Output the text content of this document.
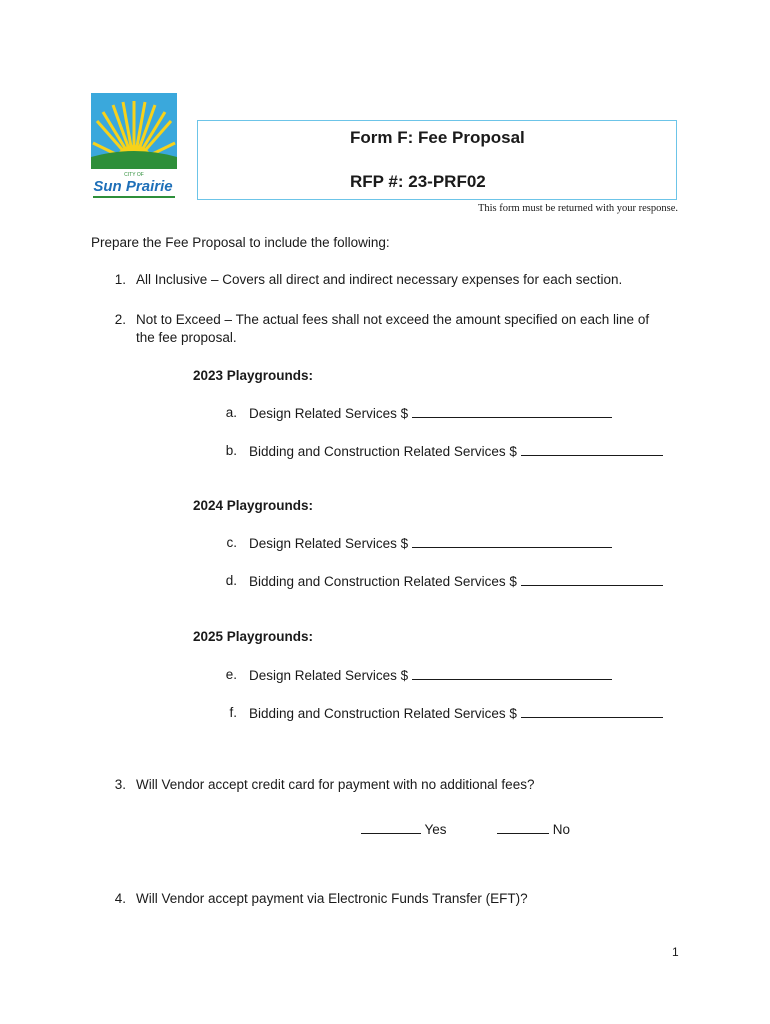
CITY OF
Sun Prairie
Form F: Fee Proposal
RFP #: 23-PRF02
This form must be returned with your response.
Prepare the Fee Proposal to include the following:
1. All Inclusive – Covers all direct and indirect necessary expenses for each section.
2. Not to Exceed – The actual fees shall not exceed the amount specified on each line of
the fee proposal.
2023 Playgrounds:
a. Design Related Services $
b. Bidding and Construction Related Services $
2024 Playgrounds:
c. Design Related Services $
d. Bidding and Construction Related Services $
2025 Playgrounds:
e. Design Related Services $
f. Bidding and Construction Related Services $
3. Will Vendor accept credit card for payment with no additional fees?
Yes	No
4. Will Vendor accept payment via Electronic Funds Transfer (EFT)?
1
